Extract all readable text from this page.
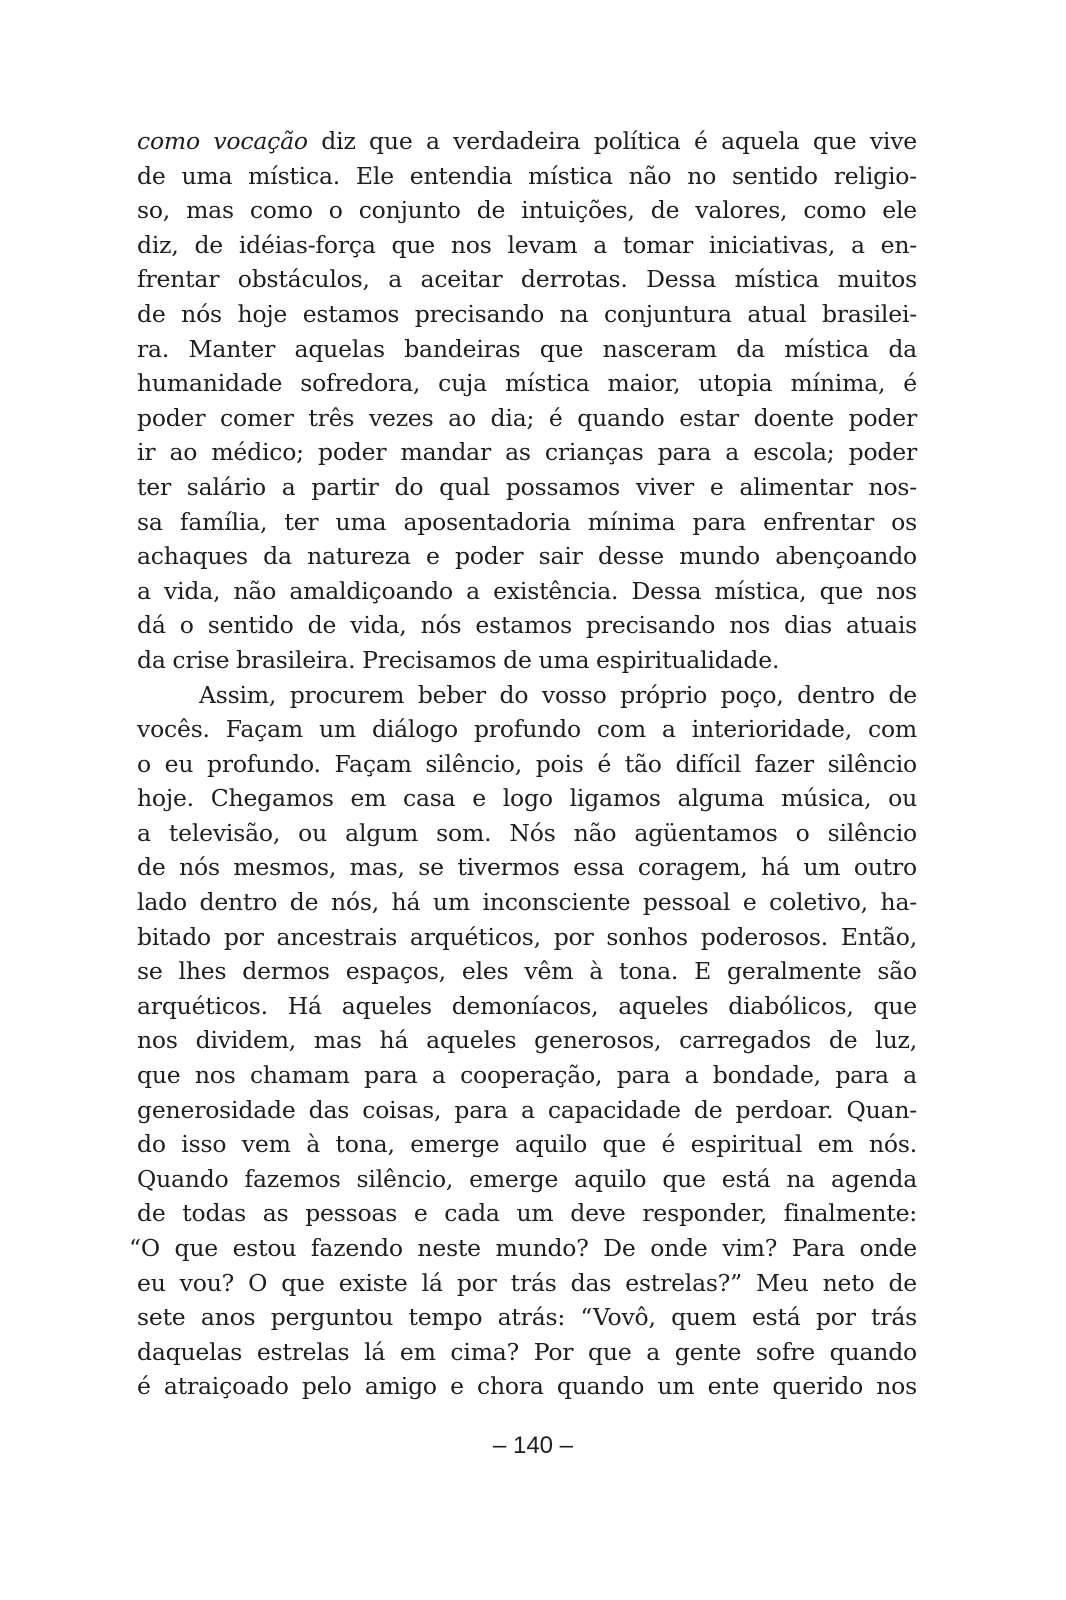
como vocação diz que a verdadeira política é aquela que vive
de uma mística. Ele entendia mística não no sentido religio-
so, mas como o conjunto de intuições, de valores, como ele
diz, de idéias-força que nos levam a tomar iniciativas, a en-
frentar obstáculos, a aceitar derrotas. Dessa mística muitos
de nós hoje estamos precisando na conjuntura atual brasilei-
ra. Manter aquelas bandeiras que nasceram da mística da
humanidade sofredora, cuja mística maior, utopia mínima, é
poder comer três vezes ao dia; é quando estar doente poder
ir ao médico; poder mandar as crianças para a escola; poder
ter salário a partir do qual possamos viver e alimentar nos-
sa família, ter uma aposentadoria mínima para enfrentar os
achaques da natureza e poder sair desse mundo abençoando
a vida, não amaldiçoando a existência. Dessa mística, que nos
dá o sentido de vida, nós estamos precisando nos dias atuais
da crise brasileira. Precisamos de uma espiritualidade.
Assim, procurem beber do vosso próprio poço, dentro de
vocês. Façam um diálogo profundo com a interioridade, com
o eu profundo. Façam silêncio, pois é tão difícil fazer silêncio
hoje. Chegamos em casa e logo ligamos alguma música, ou
a televisão, ou algum som. Nós não agüentamos o silêncio
de nós mesmos, mas, se tivermos essa coragem, há um outro
lado dentro de nós, há um inconsciente pessoal e coletivo, ha-
bitado por ancestrais arquéticos, por sonhos poderosos. Então,
se lhes dermos espaços, eles vêm à tona. E geralmente são
arquéticos. Há aqueles demoníacos, aqueles diabólicos, que
nos dividem, mas há aqueles generosos, carregados de luz,
que nos chamam para a cooperação, para a bondade, para a
generosidade das coisas, para a capacidade de perdoar. Quan-
do isso vem à tona, emerge aquilo que é espiritual em nós.
Quando fazemos silêncio, emerge aquilo que está na agenda
de todas as pessoas e cada um deve responder, finalmente:
“O que estou fazendo neste mundo? De onde vim? Para onde
eu vou? O que existe lá por trás das estrelas?” Meu neto de
sete anos perguntou tempo atrás: “Vovô, quem está por trás
daquelas estrelas lá em cima? Por que a gente sofre quando
é atraiçoado pelo amigo e chora quando um ente querido nos
– 140 –
